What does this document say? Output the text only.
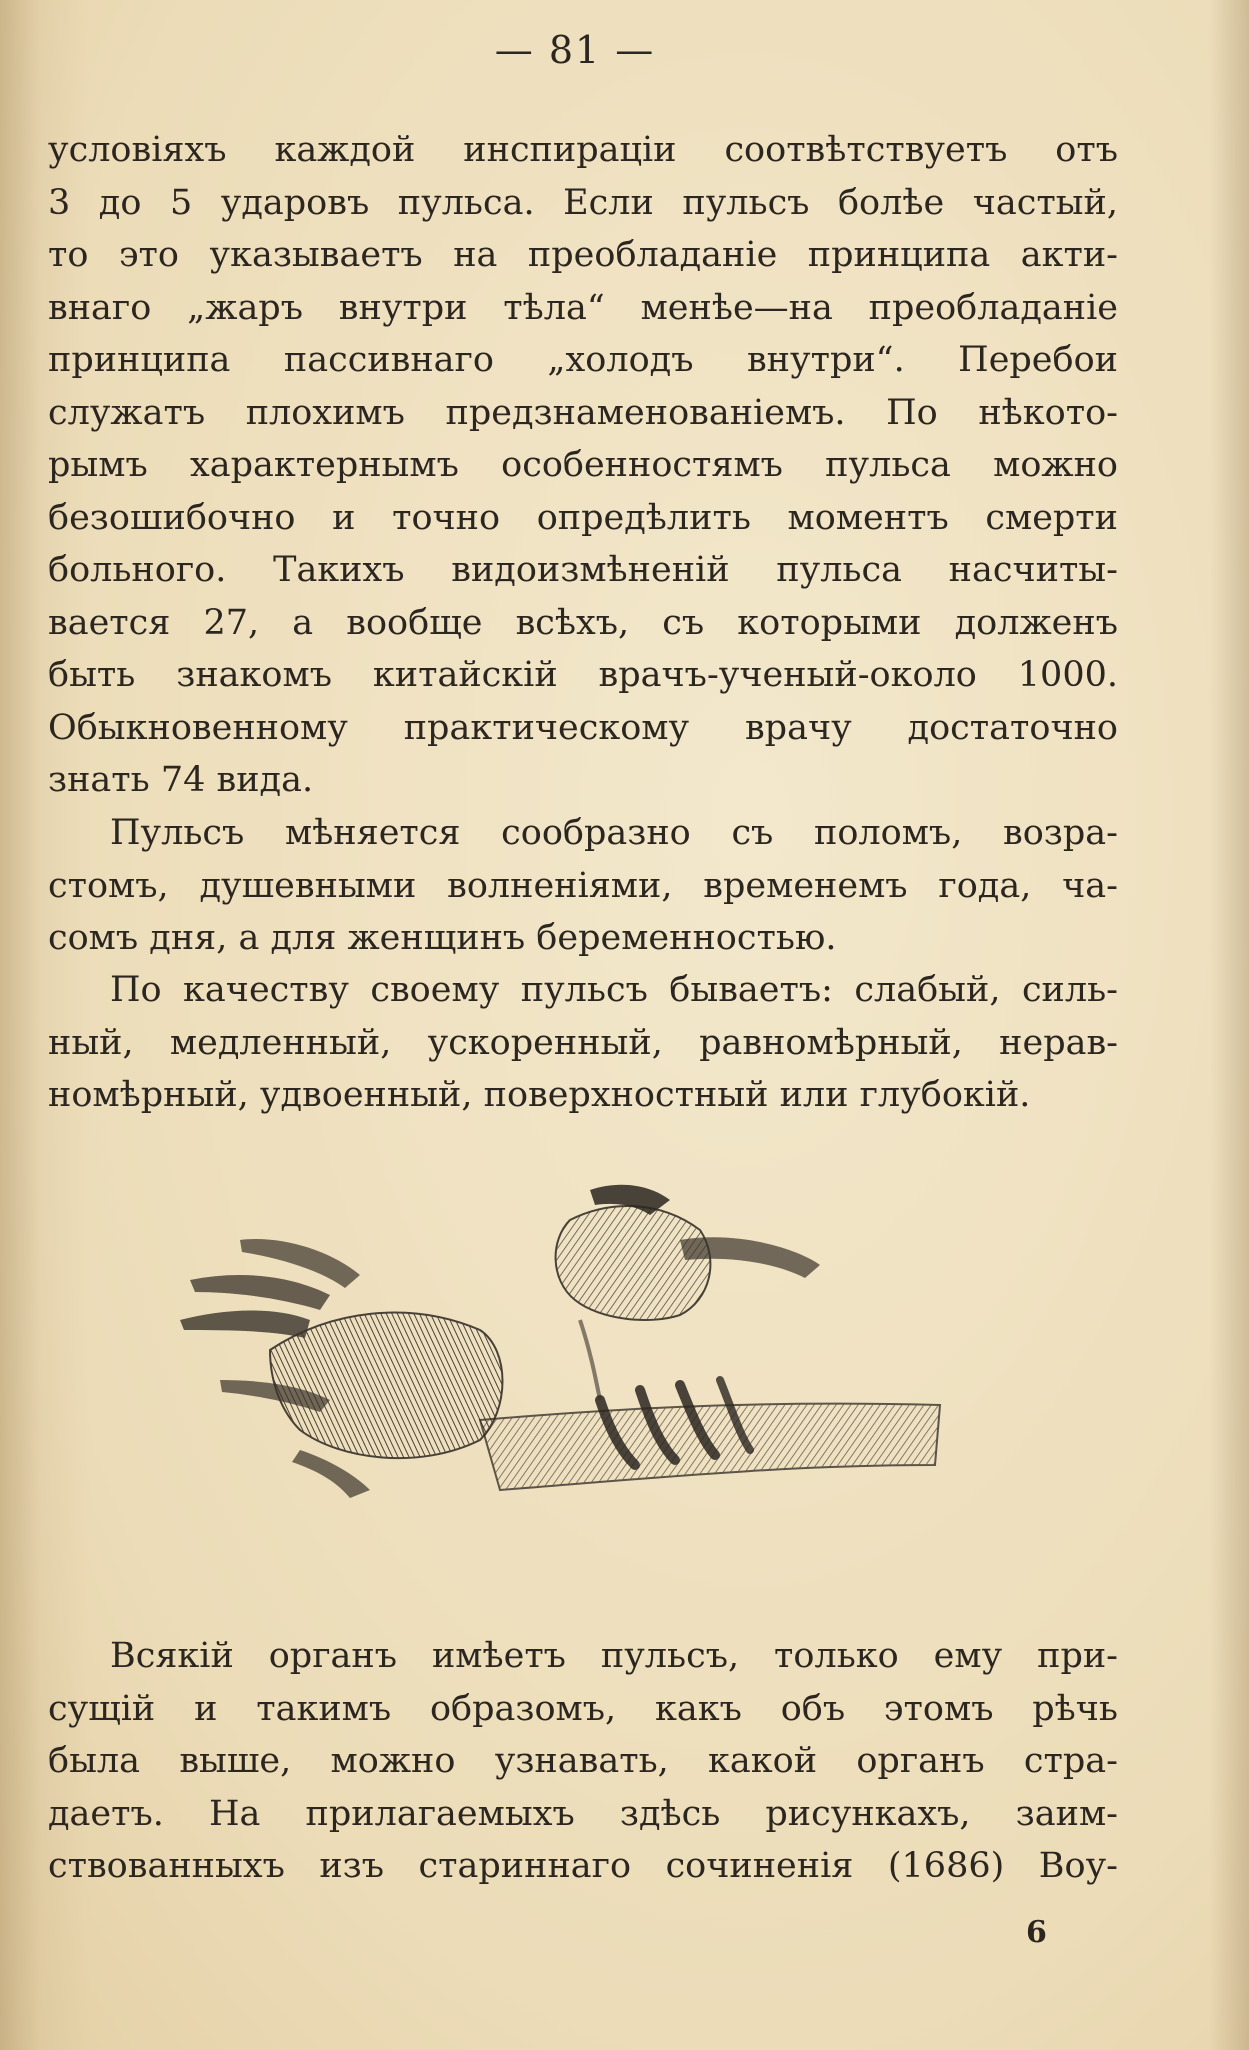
— 81 —
условіяхъ каждой инспираціи соотвѣтствуетъ отъ
3 до 5 ударовъ пульса. Если пульсъ болѣе частый,
то это указываетъ на преобладаніе принципа акти-
внаго „жаръ внутри тѣла“ менѣе—на преобладаніе
принципа пассивнаго „холодъ внутри“. Перебои
служатъ плохимъ предзнаменованіемъ. По нѣкото-
рымъ характернымъ особенностямъ пульса можно
безошибочно и точно опредѣлить моментъ смерти
больного. Такихъ видоизмѣненій пульса насчиты-
вается 27, а вообще всѣхъ, съ которыми долженъ
быть знакомъ китайскій врачъ-ученый-около 1000.
Обыкновенному практическому врачу достаточно
знать 74 вида.
Пульсъ мѣняется сообразно съ поломъ, возра-
стомъ, душевными волненіями, временемъ года, ча-
сомъ дня, а для женщинъ беременностью.
По качеству своему пульсъ бываетъ: слабый, силь-
ный, медленный, ускоренный, равномѣрный, нерав-
номѣрный, удвоенный, поверхностный или глубокій.
Всякій органъ имѣетъ пульсъ, только ему при-
сущій и такимъ образомъ, какъ объ этомъ рѣчь
была выше, можно узнавать, какой органъ стра-
даетъ. На прилагаемыхъ здѣсь рисункахъ, заим-
ствованныхъ изъ стариннаго сочиненія (1686) Воу-
6
